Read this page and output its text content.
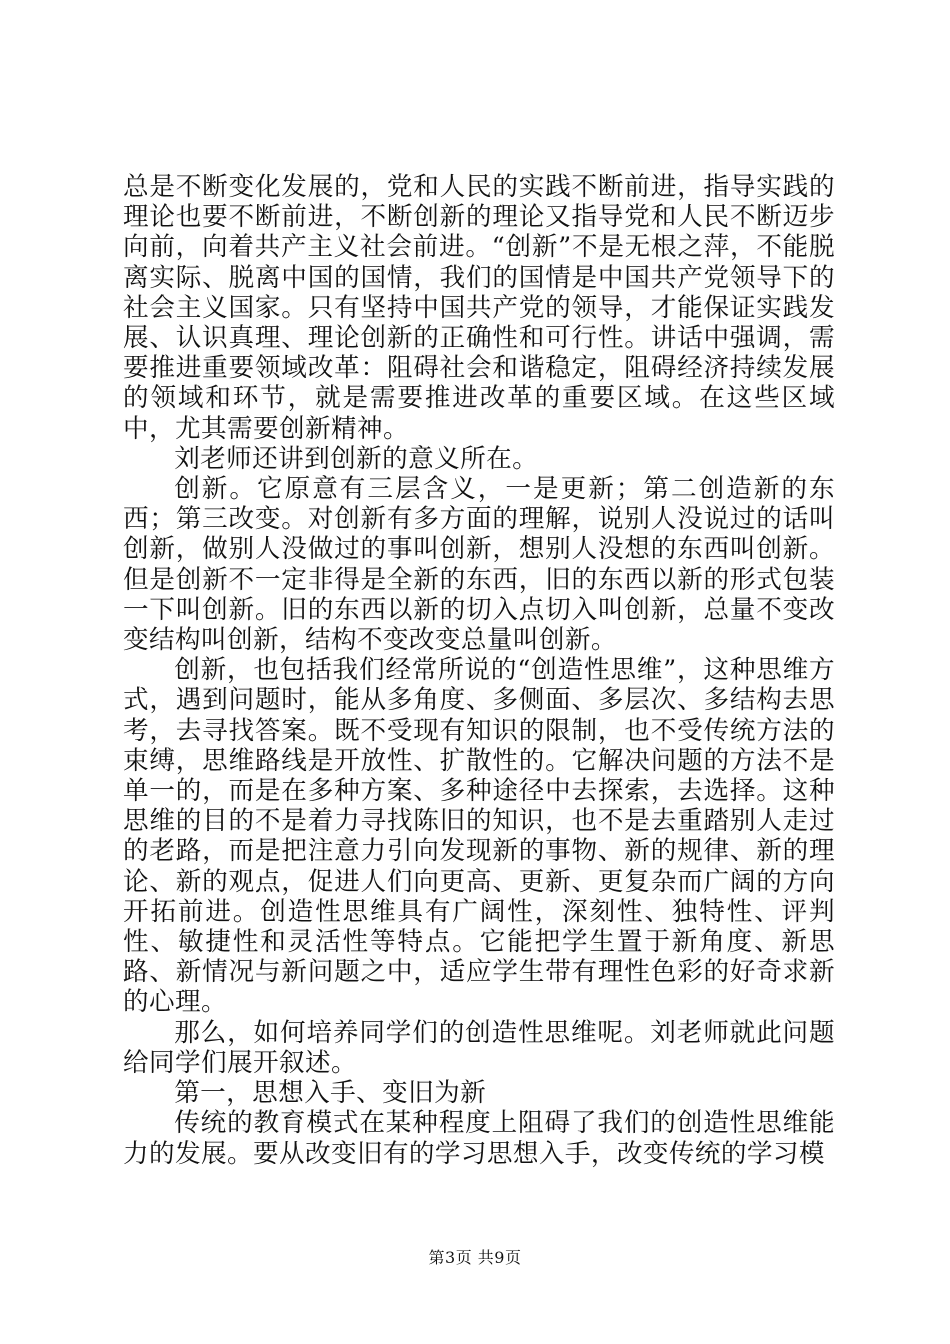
总是不断变化发展的，党和人民的实践不断前进，指导实践的理论也要不断前进，不断创新的理论又指导党和人民不断迈步向前，向着共产主义社会前进。“创新”不是无根之萍，不能脱离实际、脱离中国的国情，我们的国情是中国共产党领导下的社会主义国家。只有坚持中国共产党的领导，才能保证实践发展、认识真理、理论创新的正确性和可行性。讲话中强调，需要推进重要领域改革：阻碍社会和谐稳定，阻碍经济持续发展的领域和环节，就是需要推进改革的重要区域。在这些区域中，尤其需要创新精神。

刘老师还讲到创新的意义所在。

创新。它原意有三层含义，一是更新；第二创造新的东西；第三改变。对创新有多方面的理解，说别人没说过的话叫创新，做别人没做过的事叫创新，想别人没想的东西叫创新。但是创新不一定非得是全新的东西，旧的东西以新的形式包装一下叫创新。旧的东西以新的切入点切入叫创新，总量不变改变结构叫创新，结构不变改变总量叫创新。

创新，也包括我们经常所说的“创造性思维”，这种思维方式，遇到问题时，能从多角度、多侧面、多层次、多结构去思考，去寻找答案。既不受现有知识的限制，也不受传统方法的束缚，思维路线是开放性、扩散性的。它解决问题的方法不是单一的，而是在多种方案、多种途径中去探索，去选择。这种思维的目的不是着力寻找陈旧的知识，也不是去重踏别人走过的老路，而是把注意力引向发现新的事物、新的规律、新的理论、新的观点，促进人们向更高、更新、更复杂而广阔的方向开拓前进。创造性思维具有广阔性，深刻性、独特性、评判性、敏捷性和灵活性等特点。它能把学生置于新角度、新思路、新情况与新问题之中，适应学生带有理性色彩的好奇求新的心理。

那么，如何培养同学们的创造性思维呢。刘老师就此问题给同学们展开叙述。

第一，思想入手、变旧为新

传统的教育模式在某种程度上阻碍了我们的创造性思维能力的发展。要从改变旧有的学习思想入手，改变传统的学习模

第3页 共9页
